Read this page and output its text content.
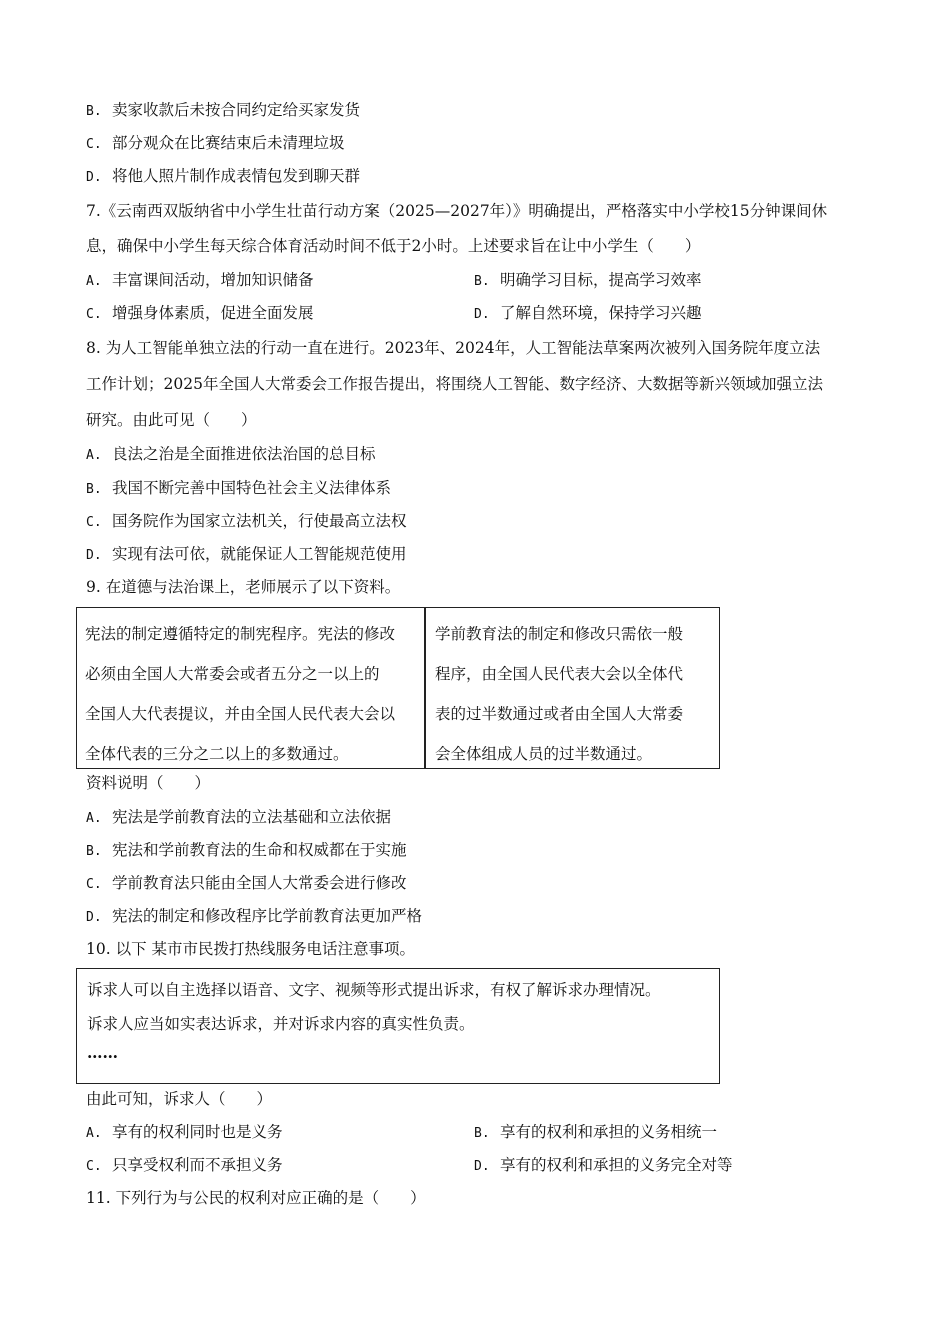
B. 卖家收款后未按合同约定给买家发货
C. 部分观众在比赛结束后未清理垃圾
D. 将他人照片制作成表情包发到聊天群
7.《云南西双版纳省中小学生壮苗行动方案（2025—2027年）》明确提出，严格落实中小学校15分钟课间休
息，确保中小学生每天综合体育活动时间不低于2小时。上述要求旨在让中小学生（　　）
A. 丰富课间活动，增加知识储备	B. 明确学习目标，提高学习效率
C. 增强身体素质，促进全面发展	D. 了解自然环境，保持学习兴趣
8. 为人工智能单独立法的行动一直在进行。2023年、2024年，人工智能法草案两次被列入国务院年度立法
工作计划；2025年全国人大常委会工作报告提出，将围绕人工智能、数字经济、大数据等新兴领域加强立法
研究。由此可见（　　）
A. 良法之治是全面推进依法治国的总目标
B. 我国不断完善中国特色社会主义法律体系
C. 国务院作为国家立法机关，行使最高立法权
D. 实现有法可依，就能保证人工智能规范使用
9. 在道德与法治课上，老师展示了以下资料。
宪法的制定遵循特定的制宪程序。宪法的修改
必须由全国人大常委会或者五分之一以上的
全国人大代表提议，并由全国人民代表大会以
全体代表的三分之二以上的多数通过。
学前教育法的制定和修改只需依一般
程序，由全国人民代表大会以全体代
表的过半数通过或者由全国人大常委
会全体组成人员的过半数通过。
资料说明（　　）
A. 宪法是学前教育法的立法基础和立法依据
B. 宪法和学前教育法的生命和权威都在于实施
C. 学前教育法只能由全国人大常委会进行修改
D. 宪法的制定和修改程序比学前教育法更加严格
10. 以下 某市市民拨打热线服务电话注意事项。
诉求人可以自主选择以语音、文字、视频等形式提出诉求，有权了解诉求办理情况。
诉求人应当如实表达诉求，并对诉求内容的真实性负责。
……
由此可知，诉求人（　　）
A. 享有的权利同时也是义务	B. 享有的权利和承担的义务相统一
C. 只享受权利而不承担义务	D. 享有的权利和承担的义务完全对等
11. 下列行为与公民的权利对应正确的是（　　）
